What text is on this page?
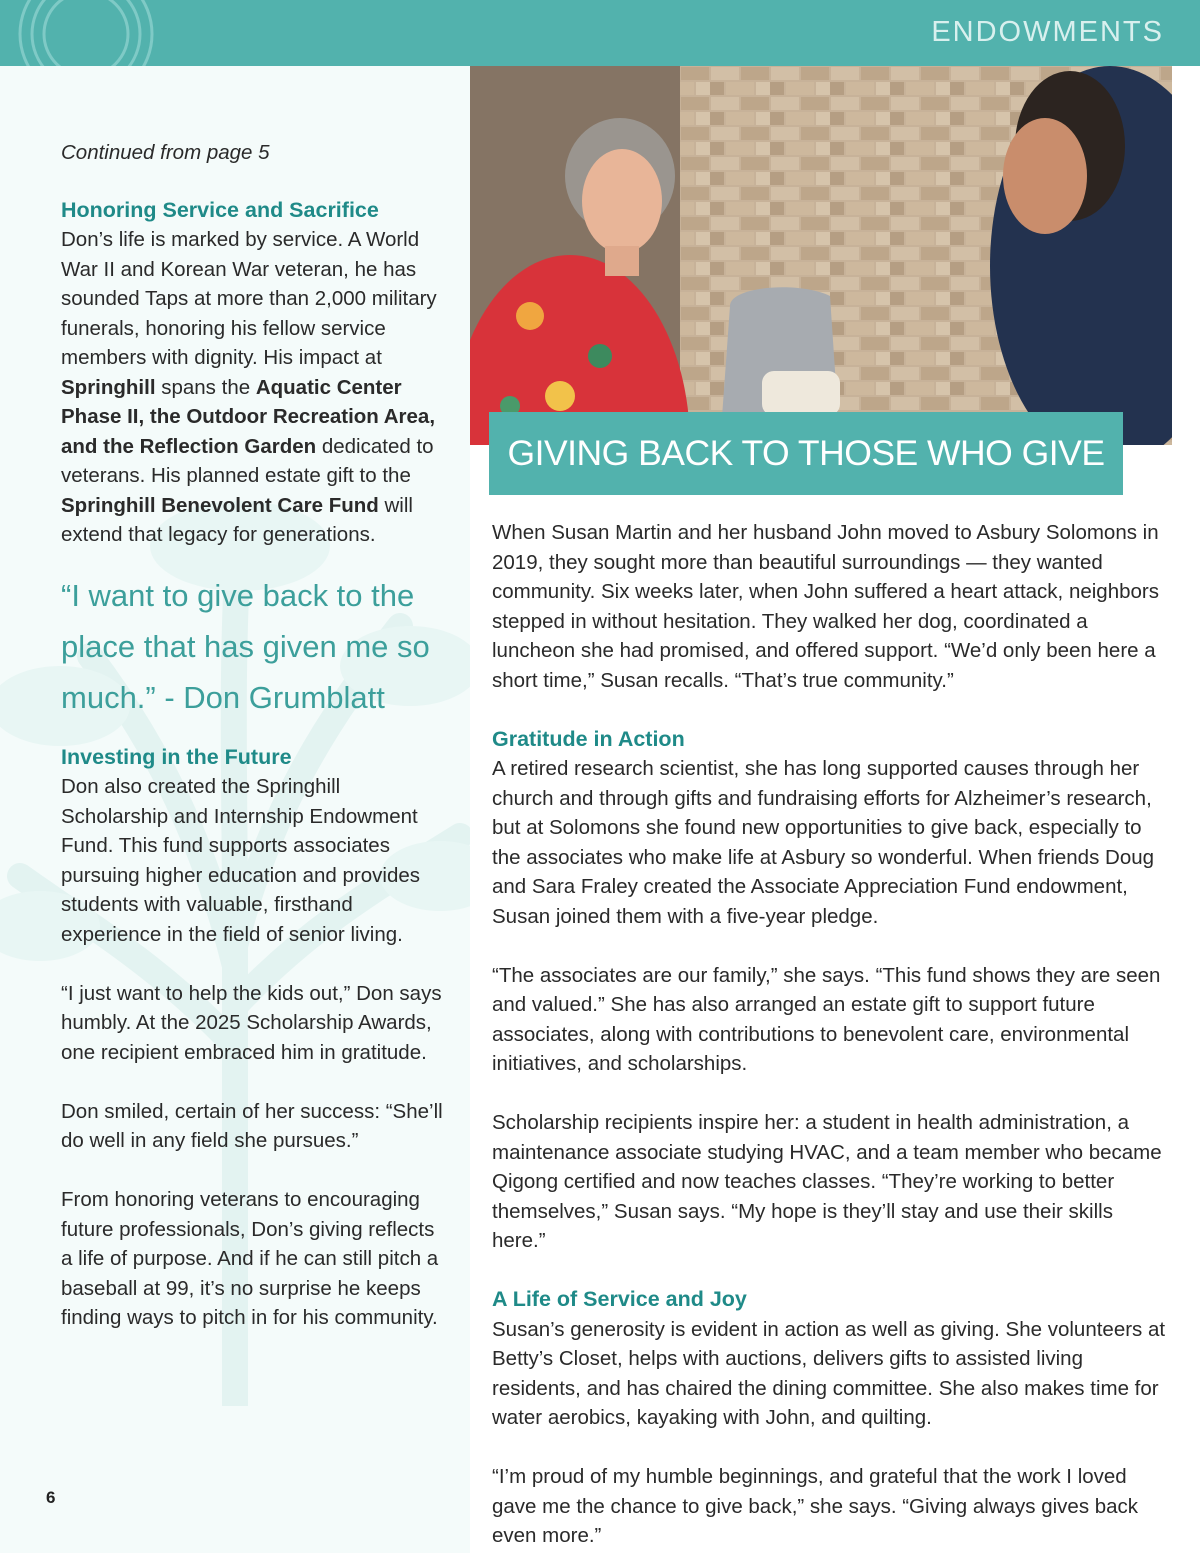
ENDOWMENTS

Continued from page 5

Honoring Service and Sacrifice

Don’s life is marked by service. A World War II and Korean War veteran, he has sounded Taps at more than 2,000 military funerals, honoring his fellow service members with dignity. His impact at Springhill spans the Aquatic Center Phase II, the Outdoor Recreation Area, and the Reflection Garden dedicated to veterans. His planned estate gift to the Springhill Benevolent Care Fund will extend that legacy for generations.

“I want to give back to the place that has given me so much.” - Don Grumblatt
Investing in the Future

Don also created the Springhill Scholarship and Internship Endowment Fund. This fund supports associates pursuing higher education and provides students with valuable, firsthand experience in the field of senior living.

“I just want to help the kids out,” Don says humbly. At the 2025 Scholarship Awards, one recipient embraced him in gratitude.

Don smiled, certain of her success: “She’ll do well in any field she pursues.”

From honoring veterans to encouraging future professionals, Don’s giving reflects a life of purpose. And if he can still pitch a baseball at 99, it’s no surprise he keeps finding ways to pitch in for his community.

6
GIVING BACK TO THOSE WHO GIVE

When Susan Martin and her husband John moved to Asbury Solomons in 2019, they sought more than beautiful surroundings — they wanted community. Six weeks later, when John suffered a heart attack, neighbors stepped in without hesitation. They walked her dog, coordinated a luncheon she had promised, and offered support. “We’d only been here a short time,” Susan recalls. “That’s true community.”

Gratitude in Action

A retired research scientist, she has long supported causes through her church and through gifts and fundraising efforts for Alzheimer’s research, but at Solomons she found new opportunities to give back, especially to the associates who make life at Asbury so wonderful. When friends Doug and Sara Fraley created the Associate Appreciation Fund endowment, Susan joined them with a five-year pledge.

“The associates are our family,” she says. “This fund shows they are seen and valued.” She has also arranged an estate gift to support future associates, along with contributions to benevolent care, environmental initiatives, and scholarships.

Scholarship recipients inspire her: a student in health administration, a maintenance associate studying HVAC, and a team member who became Qigong certified and now teaches classes. “They’re working to better themselves,” Susan says. “My hope is they’ll stay and use their skills here.”

A Life of Service and Joy

Susan’s generosity is evident in action as well as giving. She volunteers at Betty’s Closet, helps with auctions, delivers gifts to assisted living residents, and has chaired the dining committee. She also makes time for water aerobics, kayaking with John, and quilting.

“I’m proud of my humble beginnings, and grateful that the work I loved gave me the chance to give back,” she says. “Giving always gives back even more.”
